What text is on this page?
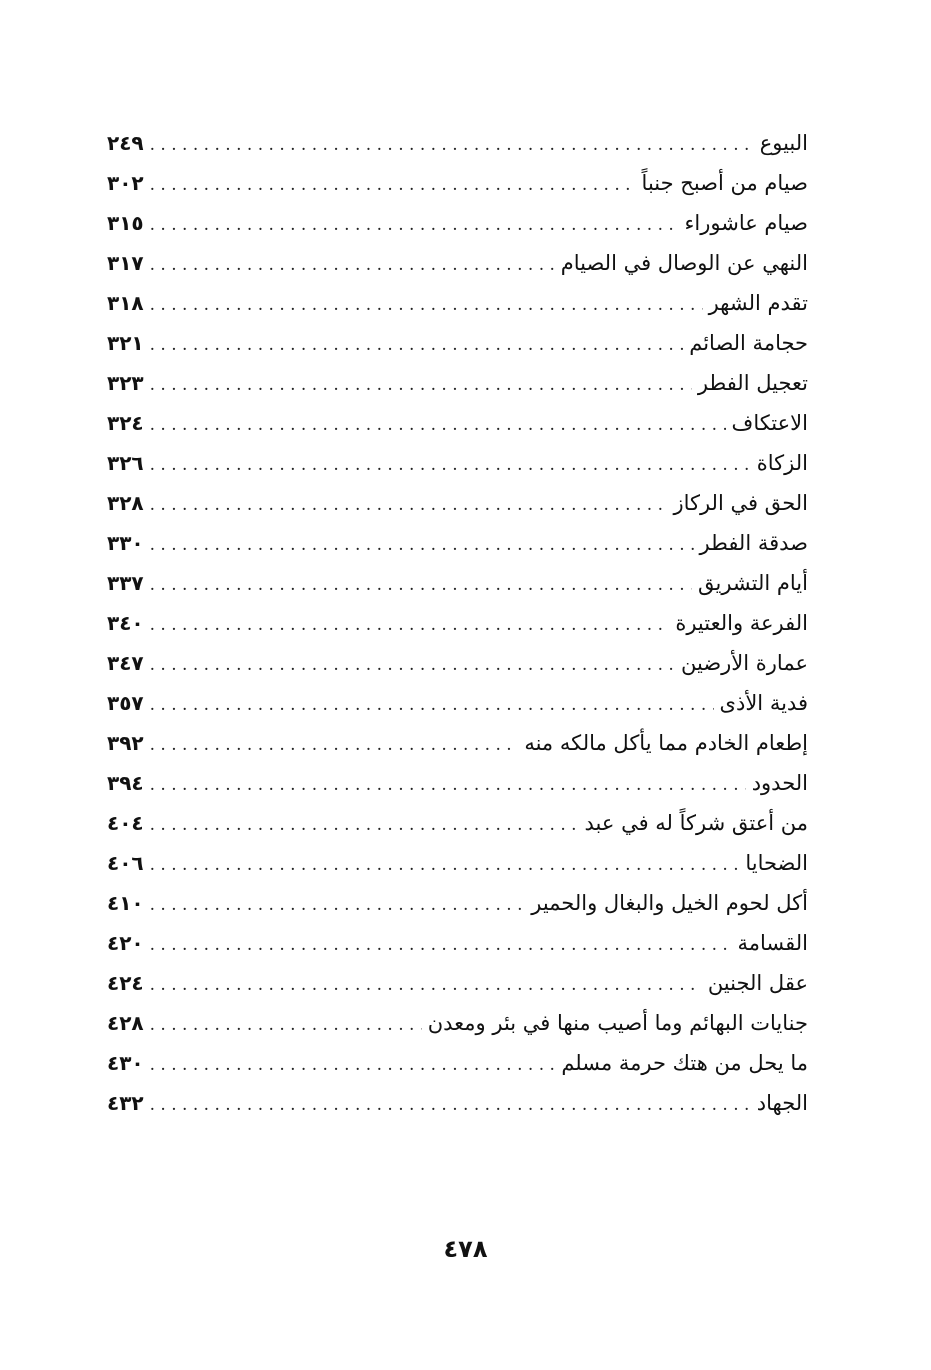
البيوع
. . .
٢٤٩
صيام من أصبح جنباً
. . .
٣٠٢
صيام عاشوراء
. . .
٣١٥
النهي عن الوصال في الصيام
. . .
٣١٧
تقدم الشهر
. . .
٣١٨
حجامة الصائم
. . .
٣٢١
تعجيل الفطر
. . .
٣٢٣
الاعتكاف
. . .
٣٢٤
الزكاة
. . .
٣٢٦
الحق في الركاز
. . .
٣٢٨
صدقة الفطر
. . .
٣٣٠
أيام التشريق
. . .
٣٣٧
الفرعة والعتيرة
. . .
٣٤٠
عمارة الأرضين
. . .
٣٤٧
فدية الأذى
. . .
٣٥٧
إطعام الخادم مما يأكل مالكه منه
. . .
٣٩٢
الحدود
. . .
٣٩٤
من أعتق شركاً له في عبد
. . .
٤٠٤
الضحايا
. . .
٤٠٦
أكل لحوم الخيل والبغال والحمير
. . .
٤١٠
القسامة
. . .
٤٢٠
عقل الجنين
. . .
٤٢٤
جنايات البهائم وما أصيب منها في بئر ومعدن
. . .
٤٢٨
ما يحل من هتك حرمة مسلم
. . .
٤٣٠
الجهاد
. . .
٤٣٢
٤٧٨
